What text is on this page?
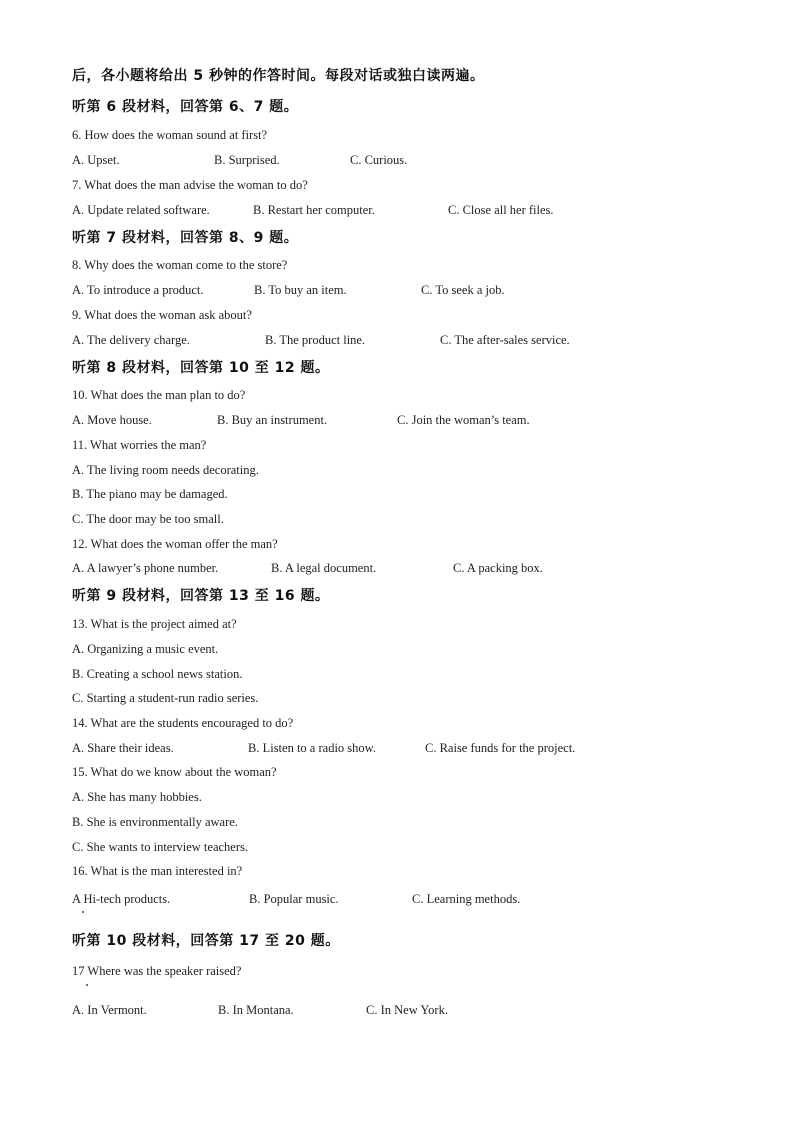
后，各小题将给出 5 秒钟的作答时间。每段对话或独白读两遍。
听第 6 段材料，回答第 6、7 题。
6. How does the woman sound at first?
A. Upset.	B. Surprised.	C. Curious.
7. What does the man advise the woman to do?
A. Update related software.	B. Restart her computer.	C. Close all her files.
听第 7 段材料，回答第 8、9 题。
8. Why does the woman come to the store?
A. To introduce a product.	B. To buy an item.	C. To seek a job.
9. What does the woman ask about?
A. The delivery charge.	B. The product line.	C. The after-sales service.
听第 8 段材料，回答第 10 至 12 题。
10. What does the man plan to do?
A. Move house.	B. Buy an instrument.	C. Join the woman’s team.
11. What worries the man?
A. The living room needs decorating.
B. The piano may be damaged.
C. The door may be too small.
12. What does the woman offer the man?
A. A lawyer’s phone number.	B. A legal document.	C. A packing box.
听第 9 段材料，回答第 13 至 16 题。
13. What is the project aimed at?
A. Organizing a music event.
B. Creating a school news station.
C. Starting a student-run radio series.
14. What are the students encouraged to do?
A. Share their ideas.	B. Listen to a radio show.	C. Raise funds for the project.
15. What do we know about the woman?
A. She has many hobbies.
B. She is environmentally aware.
C. She wants to interview teachers.
16. What is the man interested in?
A Hi-tech products.	B. Popular music.	C. Learning methods.
听第 10 段材料，回答第 17 至 20 题。
17 Where was the speaker raised?
A. In Vermont.	B. In Montana.	C. In New York.
